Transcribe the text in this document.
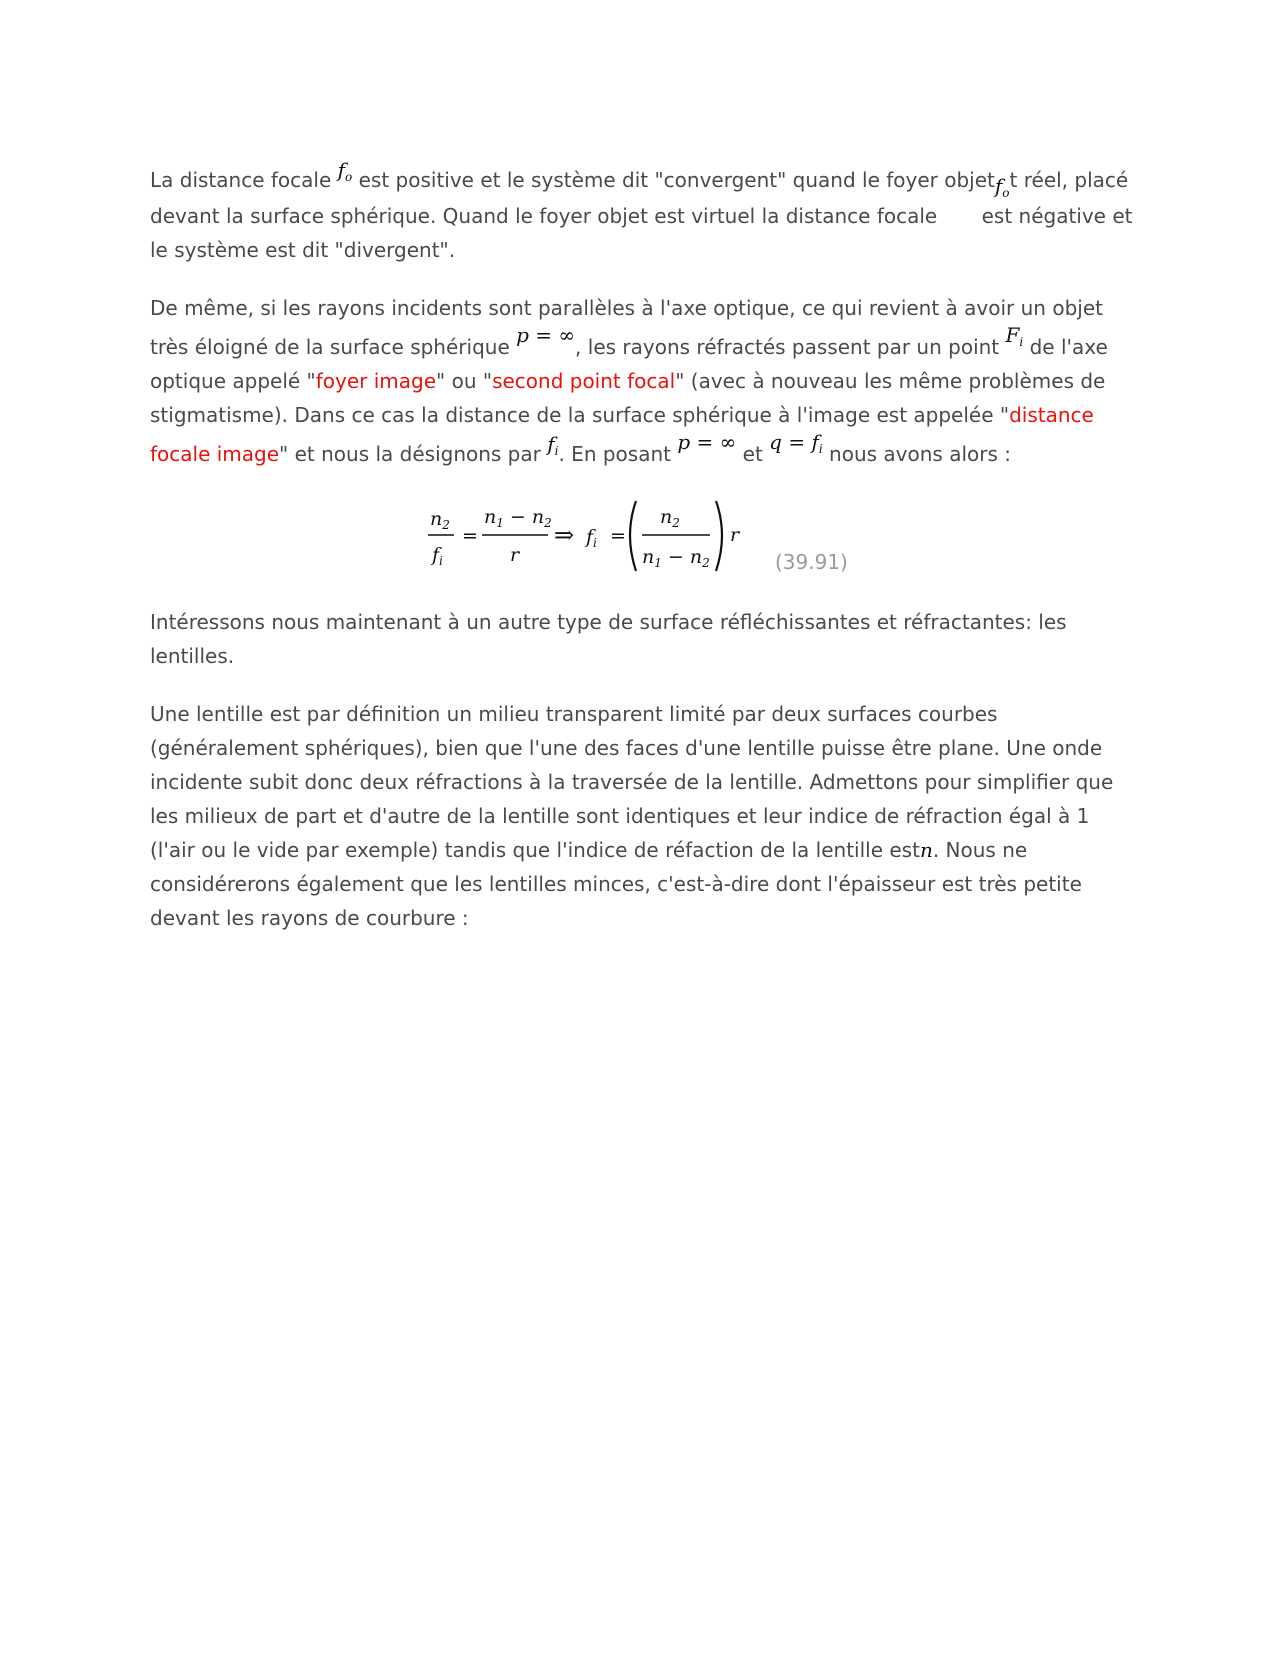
La distance focale $f_o$ est positive et le système dit "convergent" quand le foyer objetf$_o$t réel, placé devant la surface sphérique. Quand le foyer objet est virtuel la distance focale est négative et le système est dit "divergent".

De même, si les rayons incidents sont parallèles à l'axe optique, ce qui revient à avoir un objet très éloigné de la surface sphérique p = ∞, les rayons réfractés passent par un point $F_i$ de l'axe optique appelé "foyer image" ou "second point focal" (avec à nouveau les même problèmes de stigmatisme). Dans ce cas la distance de la surface sphérique à l'image est appelée "distance focale image" et nous la désignons par $f_i$. En posant p = ∞ et $q = f_i$ nous avons alors :

$n_2$
$f_i$
=
$n_1 - n_2$
r
⇒ $f_i$ =
$n_2$
$n_1 - n_2$
r
(39.91)

Intéressons nous maintenant à un autre type de surface réfléchissantes et réfractantes: les lentilles.

Une lentille est par définition un milieu transparent limité par deux surfaces courbes (généralement sphériques), bien que l'une des faces d'une lentille puisse être plane. Une onde incidente subit donc deux réfractions à la traversée de la lentille. Admettons pour simplifier que les milieux de part et d'autre de la lentille sont identiques et leur indice de réfraction égal à 1 (l'air ou le vide par exemple) tandis que l'indice de réfaction de la lentille estn. Nous ne considérerons également que les lentilles minces, c'est-à-dire dont l'épaisseur est très petite devant les rayons de courbure :
